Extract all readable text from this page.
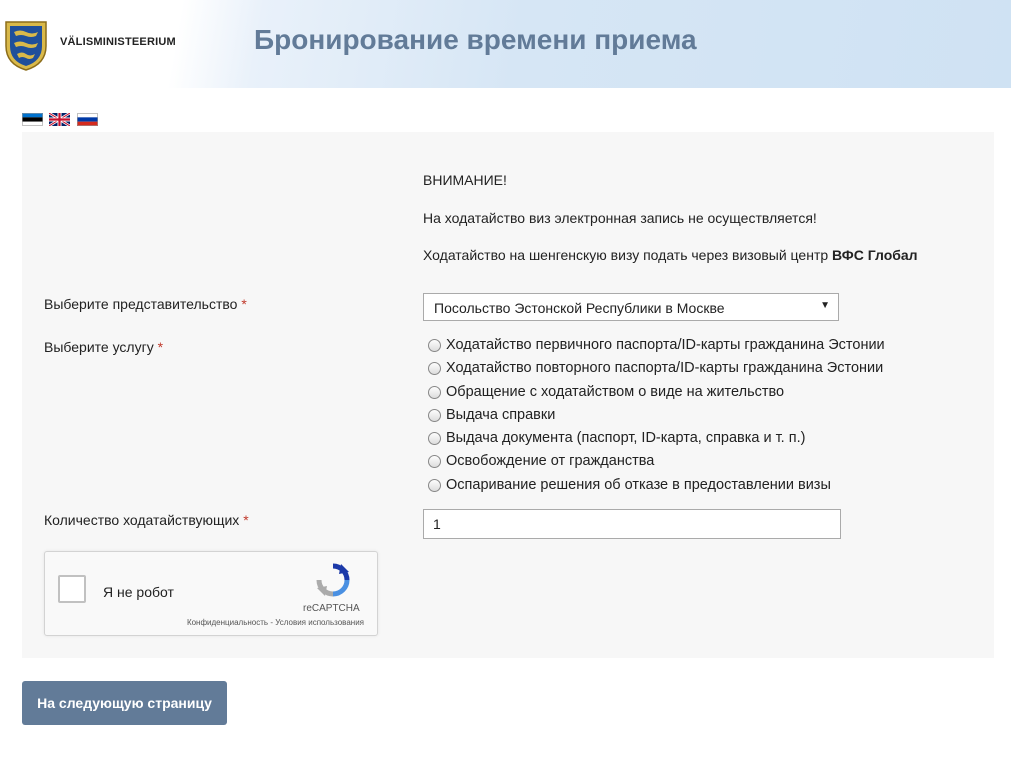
VÄLISMINISTEERIUM	Бронирование времени приема

ВНИМАНИЕ!
На ходатайство виз электронная запись не осуществляется!
Ходатайство на шенгенскую визу подать через визовый центр ВФС Глобал
Выберите представительство *	Посольство Эстонской Республики в Москве	▼
Выберите услугу *	Ходатайство первичного паспорта/ID-карты гражданина Эстонии
Ходатайство повторного паспорта/ID-карты гражданина Эстонии
Обращение с ходатайством о виде на жительство
Выдача справки
Выдача документа (паспорт, ID-карта, справка и т. п.)
Освобождение от гражданства
Оспаривание решения об отказе в предоставлении визы
Количество ходатайствующих *
1
Я не робот
reCAPTCHA
Конфиденциальность - Условия использования
На следующую страницу
